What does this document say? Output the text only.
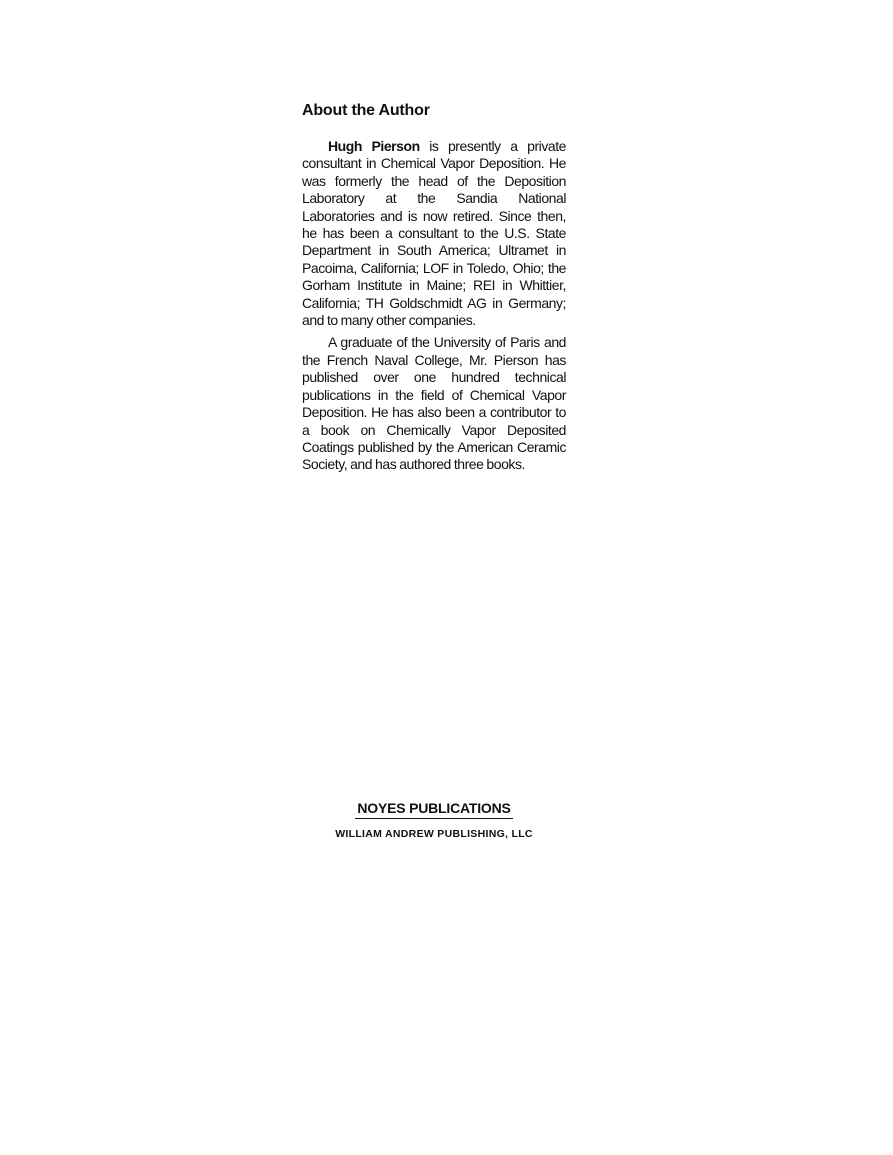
About the Author

Hugh Pierson is presently a private consultant in Chemical Vapor Deposition. He was formerly the head of the Deposition Laboratory at the Sandia National Laboratories and is now retired. Since then, he has been a consultant to the U.S. State Department in South America; Ultramet in Pacoima, California; LOF in Toledo, Ohio; the Gorham Institute in Maine; REI in Whittier, California; TH Goldschmidt AG in Germany; and to many other companies.

A graduate of the University of Paris and the French Naval College, Mr. Pierson has published over one hundred technical publications in the field of Chemical Vapor Deposition. He has also been a contributor to a book on Chemically Vapor Deposited Coatings published by the American Ceramic Society, and has authored three books.

NOYES PUBLICATIONS
WILLIAM ANDREW PUBLISHING, LLC
